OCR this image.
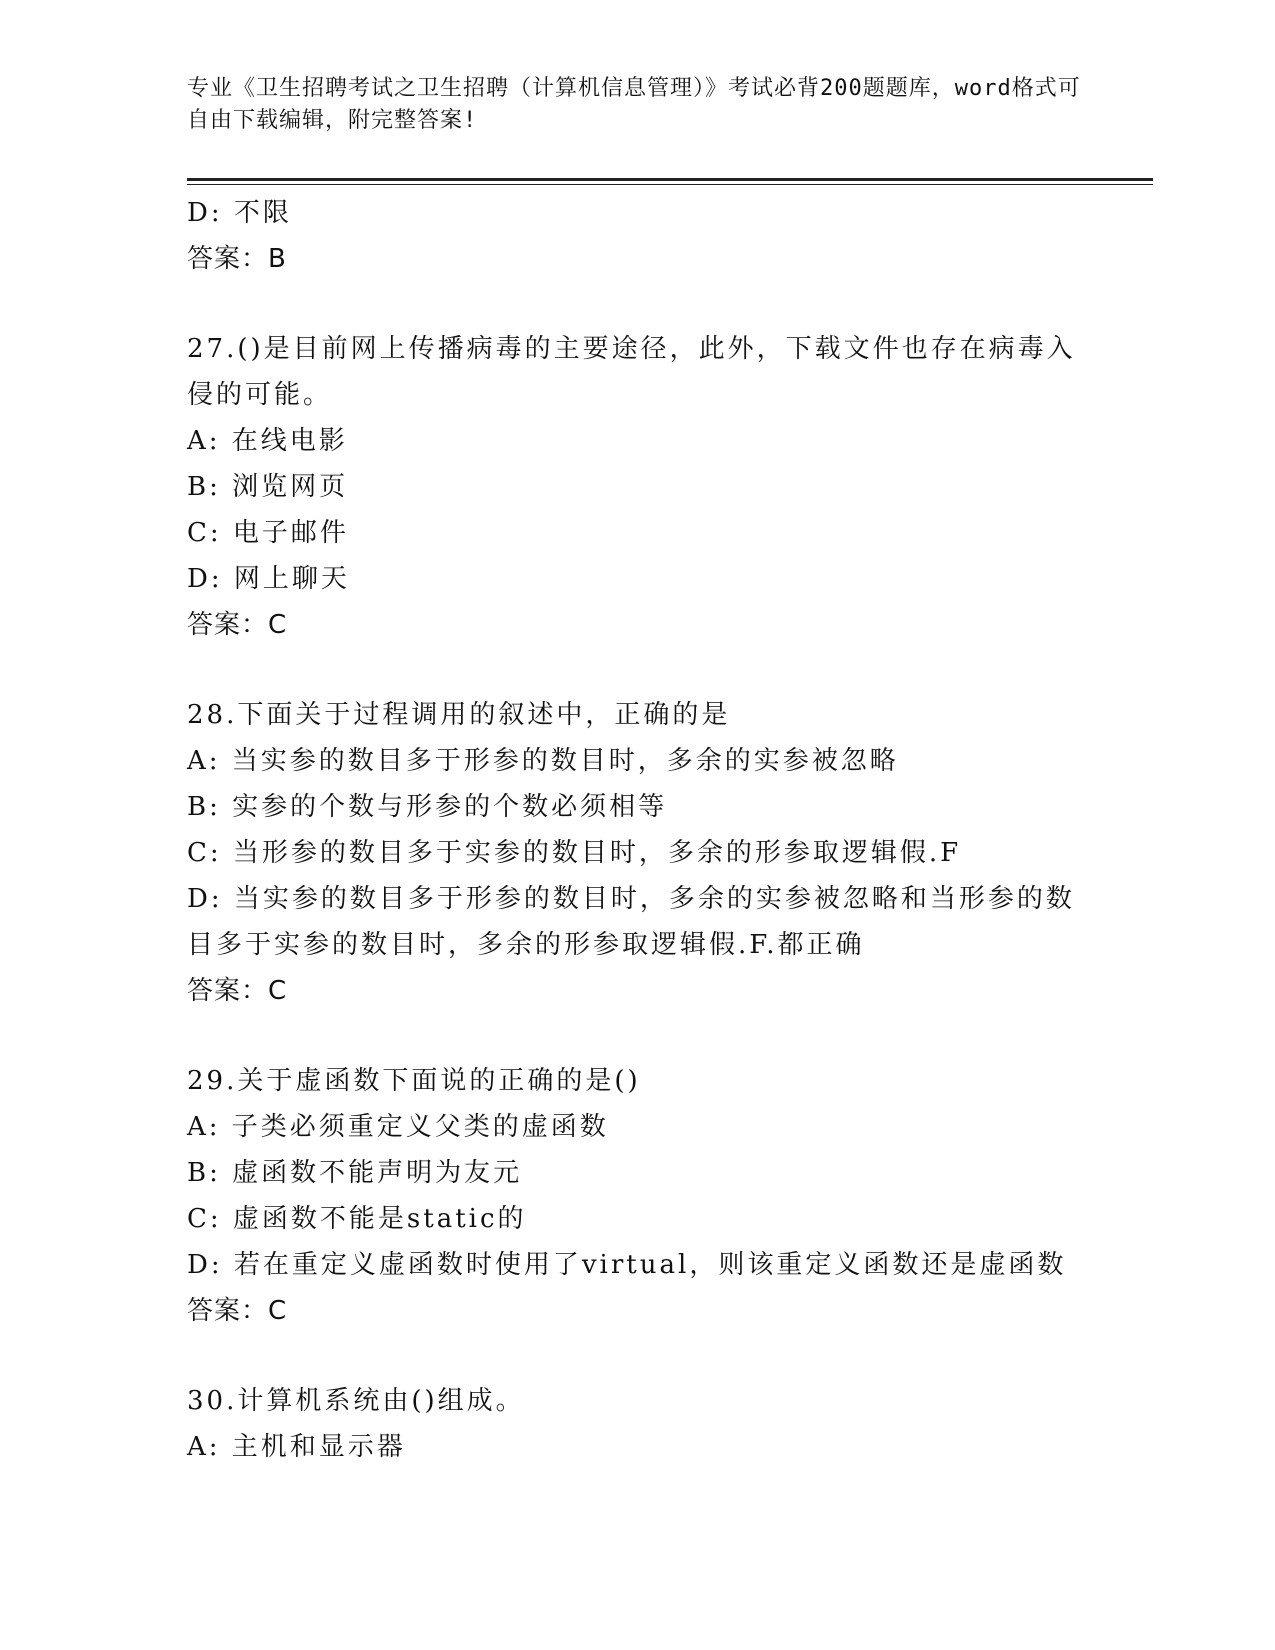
专业《卫生招聘考试之卫生招聘（计算机信息管理）》考试必背200题题库，word格式可自由下载编辑，附完整答案!
D: 不限
答案：B
27.()是目前网上传播病毒的主要途径，此外，下载文件也存在病毒入侵的可能。
A: 在线电影
B: 浏览网页
C: 电子邮件
D: 网上聊天
答案：C
28.下面关于过程调用的叙述中，正确的是
A: 当实参的数目多于形参的数目时，多余的实参被忽略
B: 实参的个数与形参的个数必须相等
C: 当形参的数目多于实参的数目时，多余的形参取逻辑假.F
D: 当实参的数目多于形参的数目时，多余的实参被忽略和当形参的数目多于实参的数目时，多余的形参取逻辑假.F.都正确
答案：C
29.关于虚函数下面说的正确的是()
A: 子类必须重定义父类的虚函数
B: 虚函数不能声明为友元
C: 虚函数不能是static的
D: 若在重定义虚函数时使用了virtual，则该重定义函数还是虚函数
答案：C
30.计算机系统由()组成。
A: 主机和显示器
